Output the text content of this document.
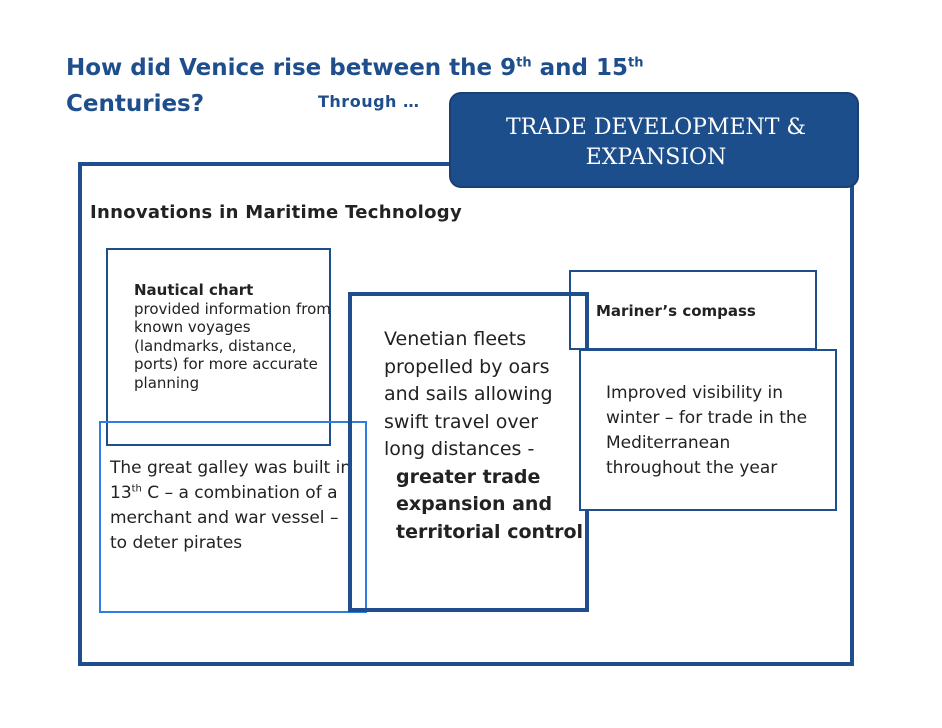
How did Venice rise between the 9th and 15th
Centuries?	Through …
TRADE DEVELOPMENT & EXPANSION
Innovations in Maritime Technology
Nautical chart
provided information from known voyages (landmarks, distance, ports) for more accurate planning
The great galley was built in 13th C – a combination of a merchant and war vessel – to deter pirates
Venetian fleets propelled by oars and sails allowing swift travel over long distances -
greater trade expansion and territorial control
Mariner’s compass
Improved visibility in winter – for trade in the Mediterranean throughout the year
